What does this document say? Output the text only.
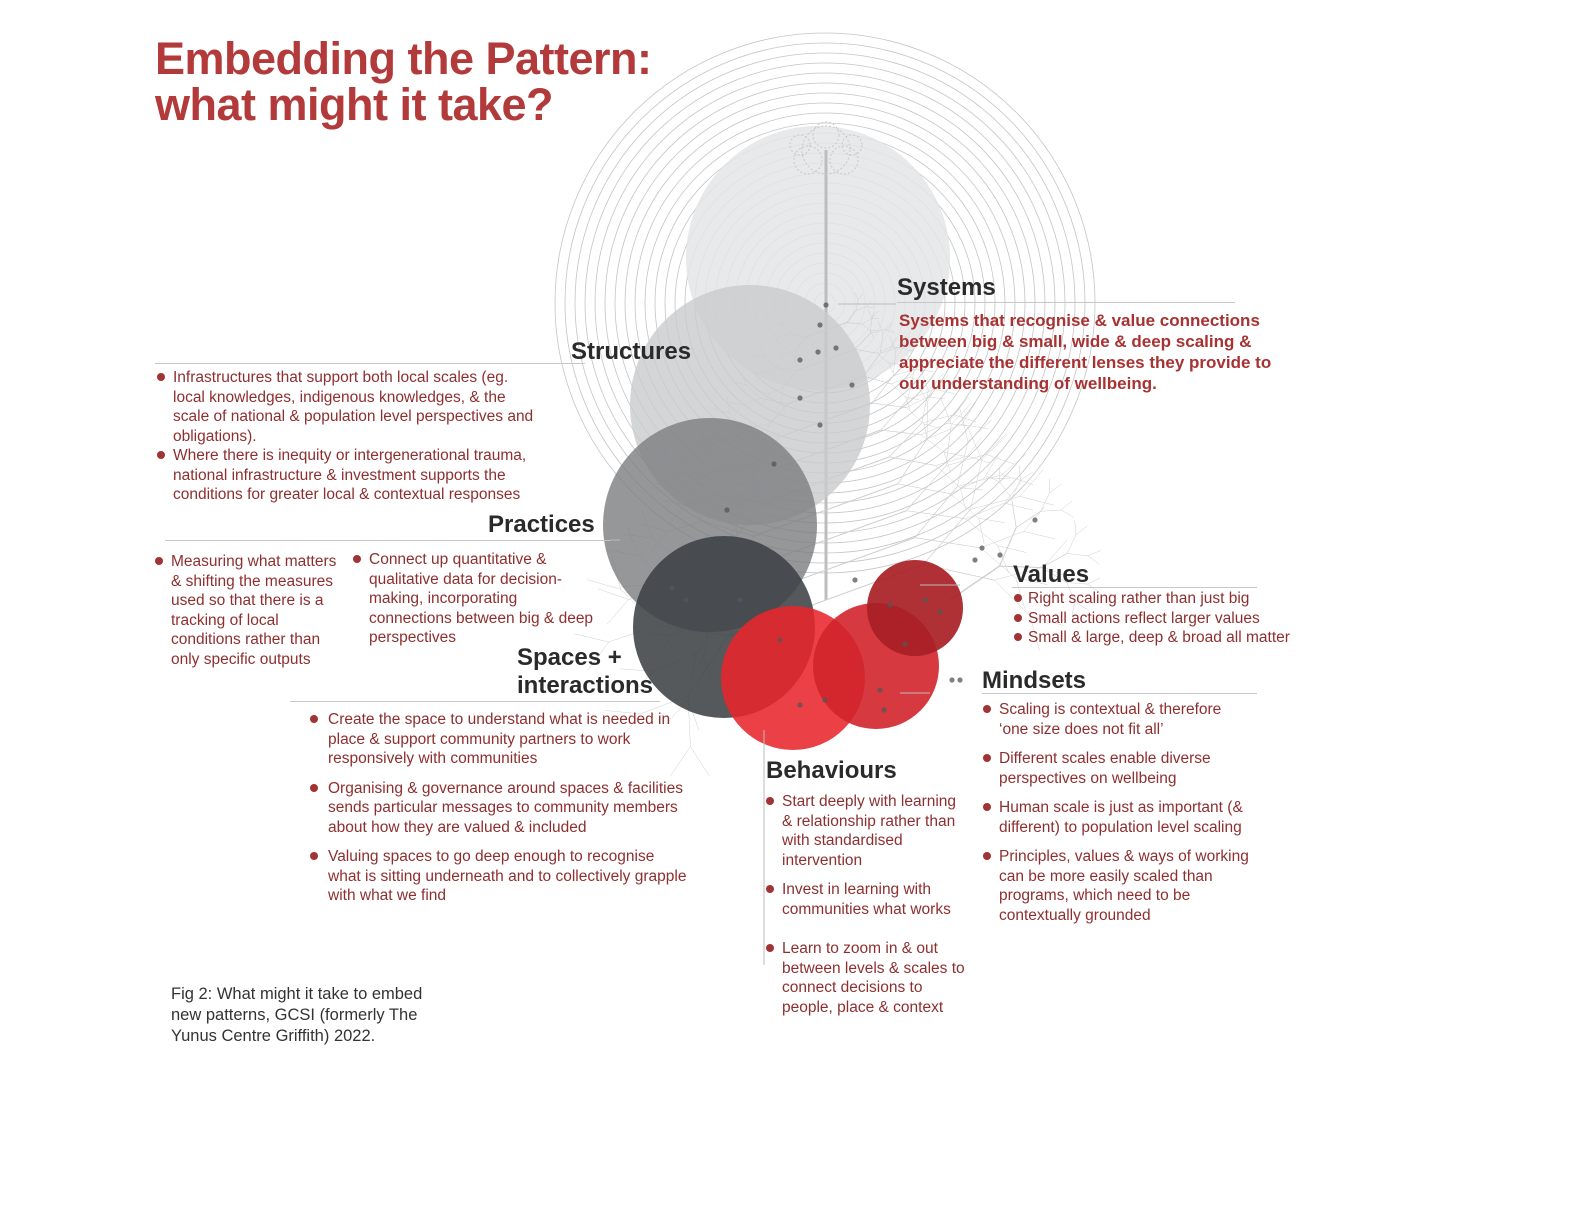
Embedding the Pattern:
what might it take?
Systems

Systems that recognise & value connections between big & small, wide & deep scaling & appreciate the different lenses they provide to our understanding of wellbeing.

Structures
Infrastructures that support both local scales (eg. local knowledges, indigenous knowledges, & the scale of national & population level perspectives and obligations).
Where there is inequity or intergenerational trauma, national infrastructure & investment supports the conditions for greater local & contextual responses
Practices
Measuring what matters & shifting the measures used so that there is a tracking of local conditions rather than only specific outputs
Connect up quantitative & qualitative data for decision-making, incorporating connections between big & deep perspectives
Spaces +
interactions
Create the space to understand what is needed in place & support community partners to work responsively with communities
Organising & governance around spaces & facilities sends particular messages to community members about how they are valued & included
Valuing spaces to go deep enough to recognise what is sitting underneath and to collectively grapple with what we find
Values
Right scaling rather than just big
Small actions reflect larger values
Small & large, deep & broad all matter
Mindsets
Scaling is contextual & therefore ‘one size does not fit all’
Different scales enable diverse perspectives on wellbeing
Human scale is just as important (& different) to population level scaling
Principles, values & ways of working can be more easily scaled than programs, which need to be contextually grounded
Behaviours
Start deeply with learning & relationship rather than with standardised intervention
Invest in learning with communities what works
Learn to zoom in & out between levels & scales to connect decisions to people, place & context

Fig 2: What might it take to embed
new patterns, GCSI (formerly The
Yunus Centre Griffith) 2022.
